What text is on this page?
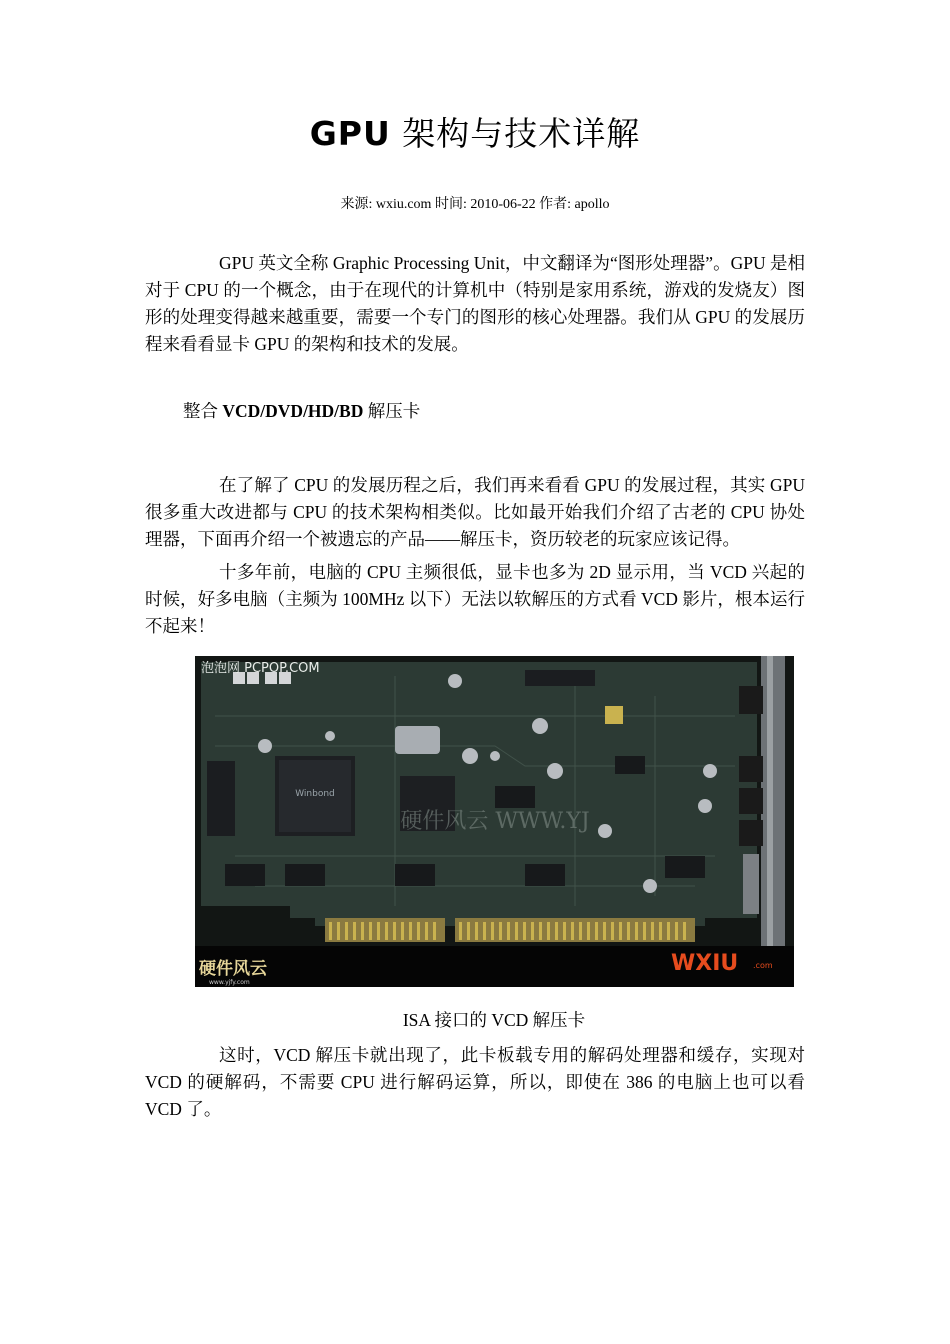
GPU 架构与技术详解
来源: wxiu.com 时间: 2010-06-22 作者: apollo

GPU 英文全称 Graphic Processing Unit，中文翻译为“图形处理器”。GPU 是相对于 CPU 的一个概念，由于在现代的计算机中（特别是家用系统，游戏的发烧友）图形的处理变得越来越重要，需要一个专门的图形的核心处理器。我们从 GPU 的发展历程来看看显卡 GPU 的架构和技术的发展。

整合 VCD/DVD/HD/BD 解压卡

在了解了 CPU 的发展历程之后，我们再来看看 GPU 的发展过程，其实 GPU 很多重大改进都与 CPU 的技术架构相类似。比如最开始我们介绍了古老的 CPU 协处理器，下面再介绍一个被遗忘的产品——解压卡，资历较老的玩家应该记得。

十多年前，电脑的 CPU 主频很低，显卡也多为 2D 显示用，当 VCD 兴起的时候，好多电脑（主频为 100MHz 以下）无法以软解压的方式看 VCD 影片，根本运行不起来！

Winbond
泡泡网 PCPOP.COM
硬件风云 WWW.YJ
硬件风云
www.yjfy.com
WXIU .com
ISA 接口的 VCD 解压卡

这时，VCD 解压卡就出现了，此卡板载专用的解码处理器和缓存，实现对 VCD 的硬解码，不需要 CPU 进行解码运算，所以，即使在 386 的电脑上也可以看 VCD 了。
